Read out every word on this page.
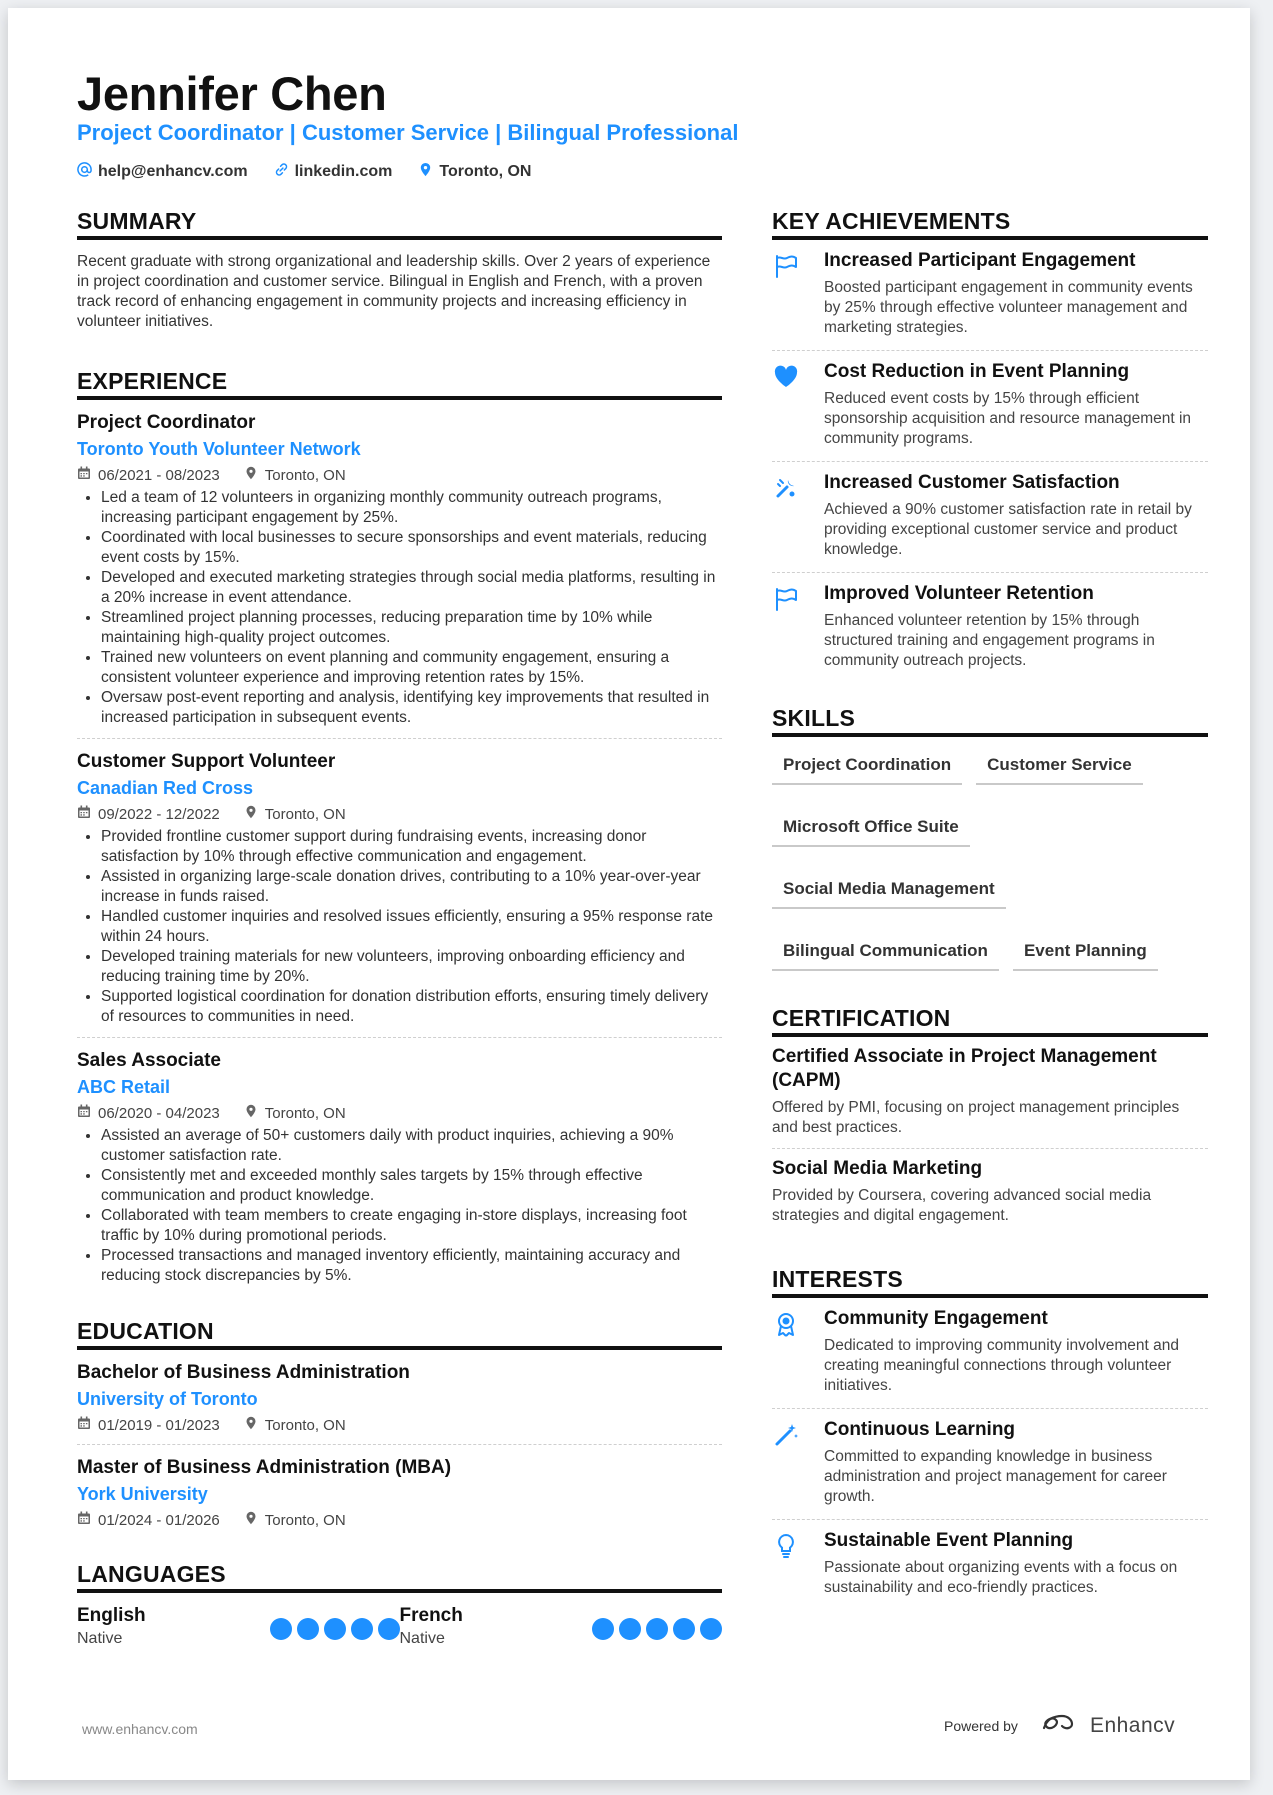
Jennifer Chen
Project Coordinator | Customer Service | Bilingual Professional
help@enhancv.com	linkedin.com	Toronto, ON
SUMMARY
Recent graduate with strong organizational and leadership skills. Over 2 years of experience in project coordination and customer service. Bilingual in English and French, with a proven track record of enhancing engagement in community projects and increasing efficiency in volunteer initiatives.
EXPERIENCE
Project Coordinator
Toronto Youth Volunteer Network
06/2021 - 08/2023	Toronto, ON
• Led a team of 12 volunteers in organizing monthly community outreach programs, increasing participant engagement by 25%.
• Coordinated with local businesses to secure sponsorships and event materials, reducing event costs by 15%.
• Developed and executed marketing strategies through social media platforms, resulting in a 20% increase in event attendance.
• Streamlined project planning processes, reducing preparation time by 10% while maintaining high-quality project outcomes.
• Trained new volunteers on event planning and community engagement, ensuring a consistent volunteer experience and improving retention rates by 15%.
• Oversaw post-event reporting and analysis, identifying key improvements that resulted in increased participation in subsequent events.
Customer Support Volunteer
Canadian Red Cross
09/2022 - 12/2022	Toronto, ON
• Provided frontline customer support during fundraising events, increasing donor satisfaction by 10% through effective communication and engagement.
• Assisted in organizing large-scale donation drives, contributing to a 10% year-over-year increase in funds raised.
• Handled customer inquiries and resolved issues efficiently, ensuring a 95% response rate within 24 hours.
• Developed training materials for new volunteers, improving onboarding efficiency and reducing training time by 20%.
• Supported logistical coordination for donation distribution efforts, ensuring timely delivery of resources to communities in need.
Sales Associate
ABC Retail
06/2020 - 04/2023	Toronto, ON
• Assisted an average of 50+ customers daily with product inquiries, achieving a 90% customer satisfaction rate.
• Consistently met and exceeded monthly sales targets by 15% through effective communication and product knowledge.
• Collaborated with team members to create engaging in-store displays, increasing foot traffic by 10% during promotional periods.
• Processed transactions and managed inventory efficiently, maintaining accuracy and reducing stock discrepancies by 5%.
EDUCATION
Bachelor of Business Administration
University of Toronto
01/2019 - 01/2023	Toronto, ON
Master of Business Administration (MBA)
York University
01/2024 - 01/2026	Toronto, ON
LANGUAGES
English
Native
French
Native
KEY ACHIEVEMENTS
Increased Participant Engagement
Boosted participant engagement in community events by 25% through effective volunteer management and marketing strategies.
Cost Reduction in Event Planning
Reduced event costs by 15% through efficient sponsorship acquisition and resource management in community programs.
Increased Customer Satisfaction
Achieved a 90% customer satisfaction rate in retail by providing exceptional customer service and product knowledge.
Improved Volunteer Retention
Enhanced volunteer retention by 15% through structured training and engagement programs in community outreach projects.
SKILLS
Project Coordination	Customer Service
Microsoft Office Suite
Social Media Management
Bilingual Communication	Event Planning
CERTIFICATION
Certified Associate in Project Management (CAPM)
Offered by PMI, focusing on project management principles and best practices.
Social Media Marketing
Provided by Coursera, covering advanced social media strategies and digital engagement.
INTERESTS
Community Engagement
Dedicated to improving community involvement and creating meaningful connections through volunteer initiatives.
Continuous Learning
Committed to expanding knowledge in business administration and project management for career growth.
Sustainable Event Planning
Passionate about organizing events with a focus on sustainability and eco-friendly practices.
www.enhancv.com	Powered by	Enhancv
